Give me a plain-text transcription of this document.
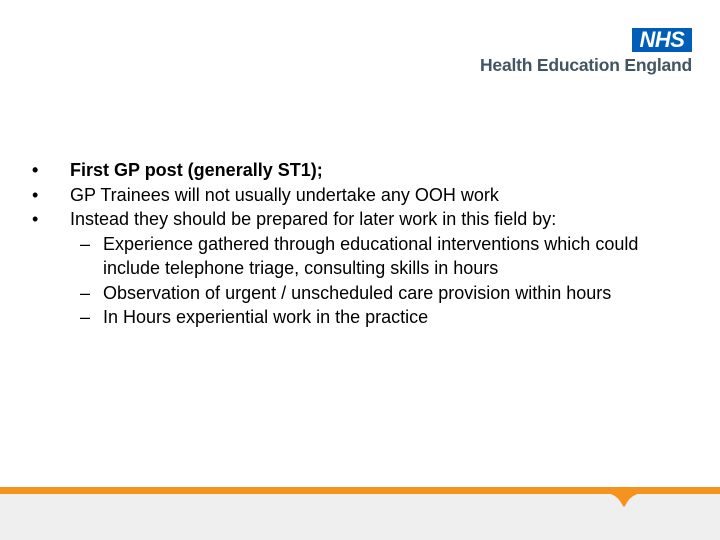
NHS
Health Education England

• First GP post (generally ST1);

• GP Trainees will not usually undertake any OOH work

• Instead they should be prepared for later work in this field by:

– Experience gathered through educational interventions which could include telephone triage, consulting skills in hours

– Observation of urgent / unscheduled care provision within hours

– In Hours experiential work in the practice
